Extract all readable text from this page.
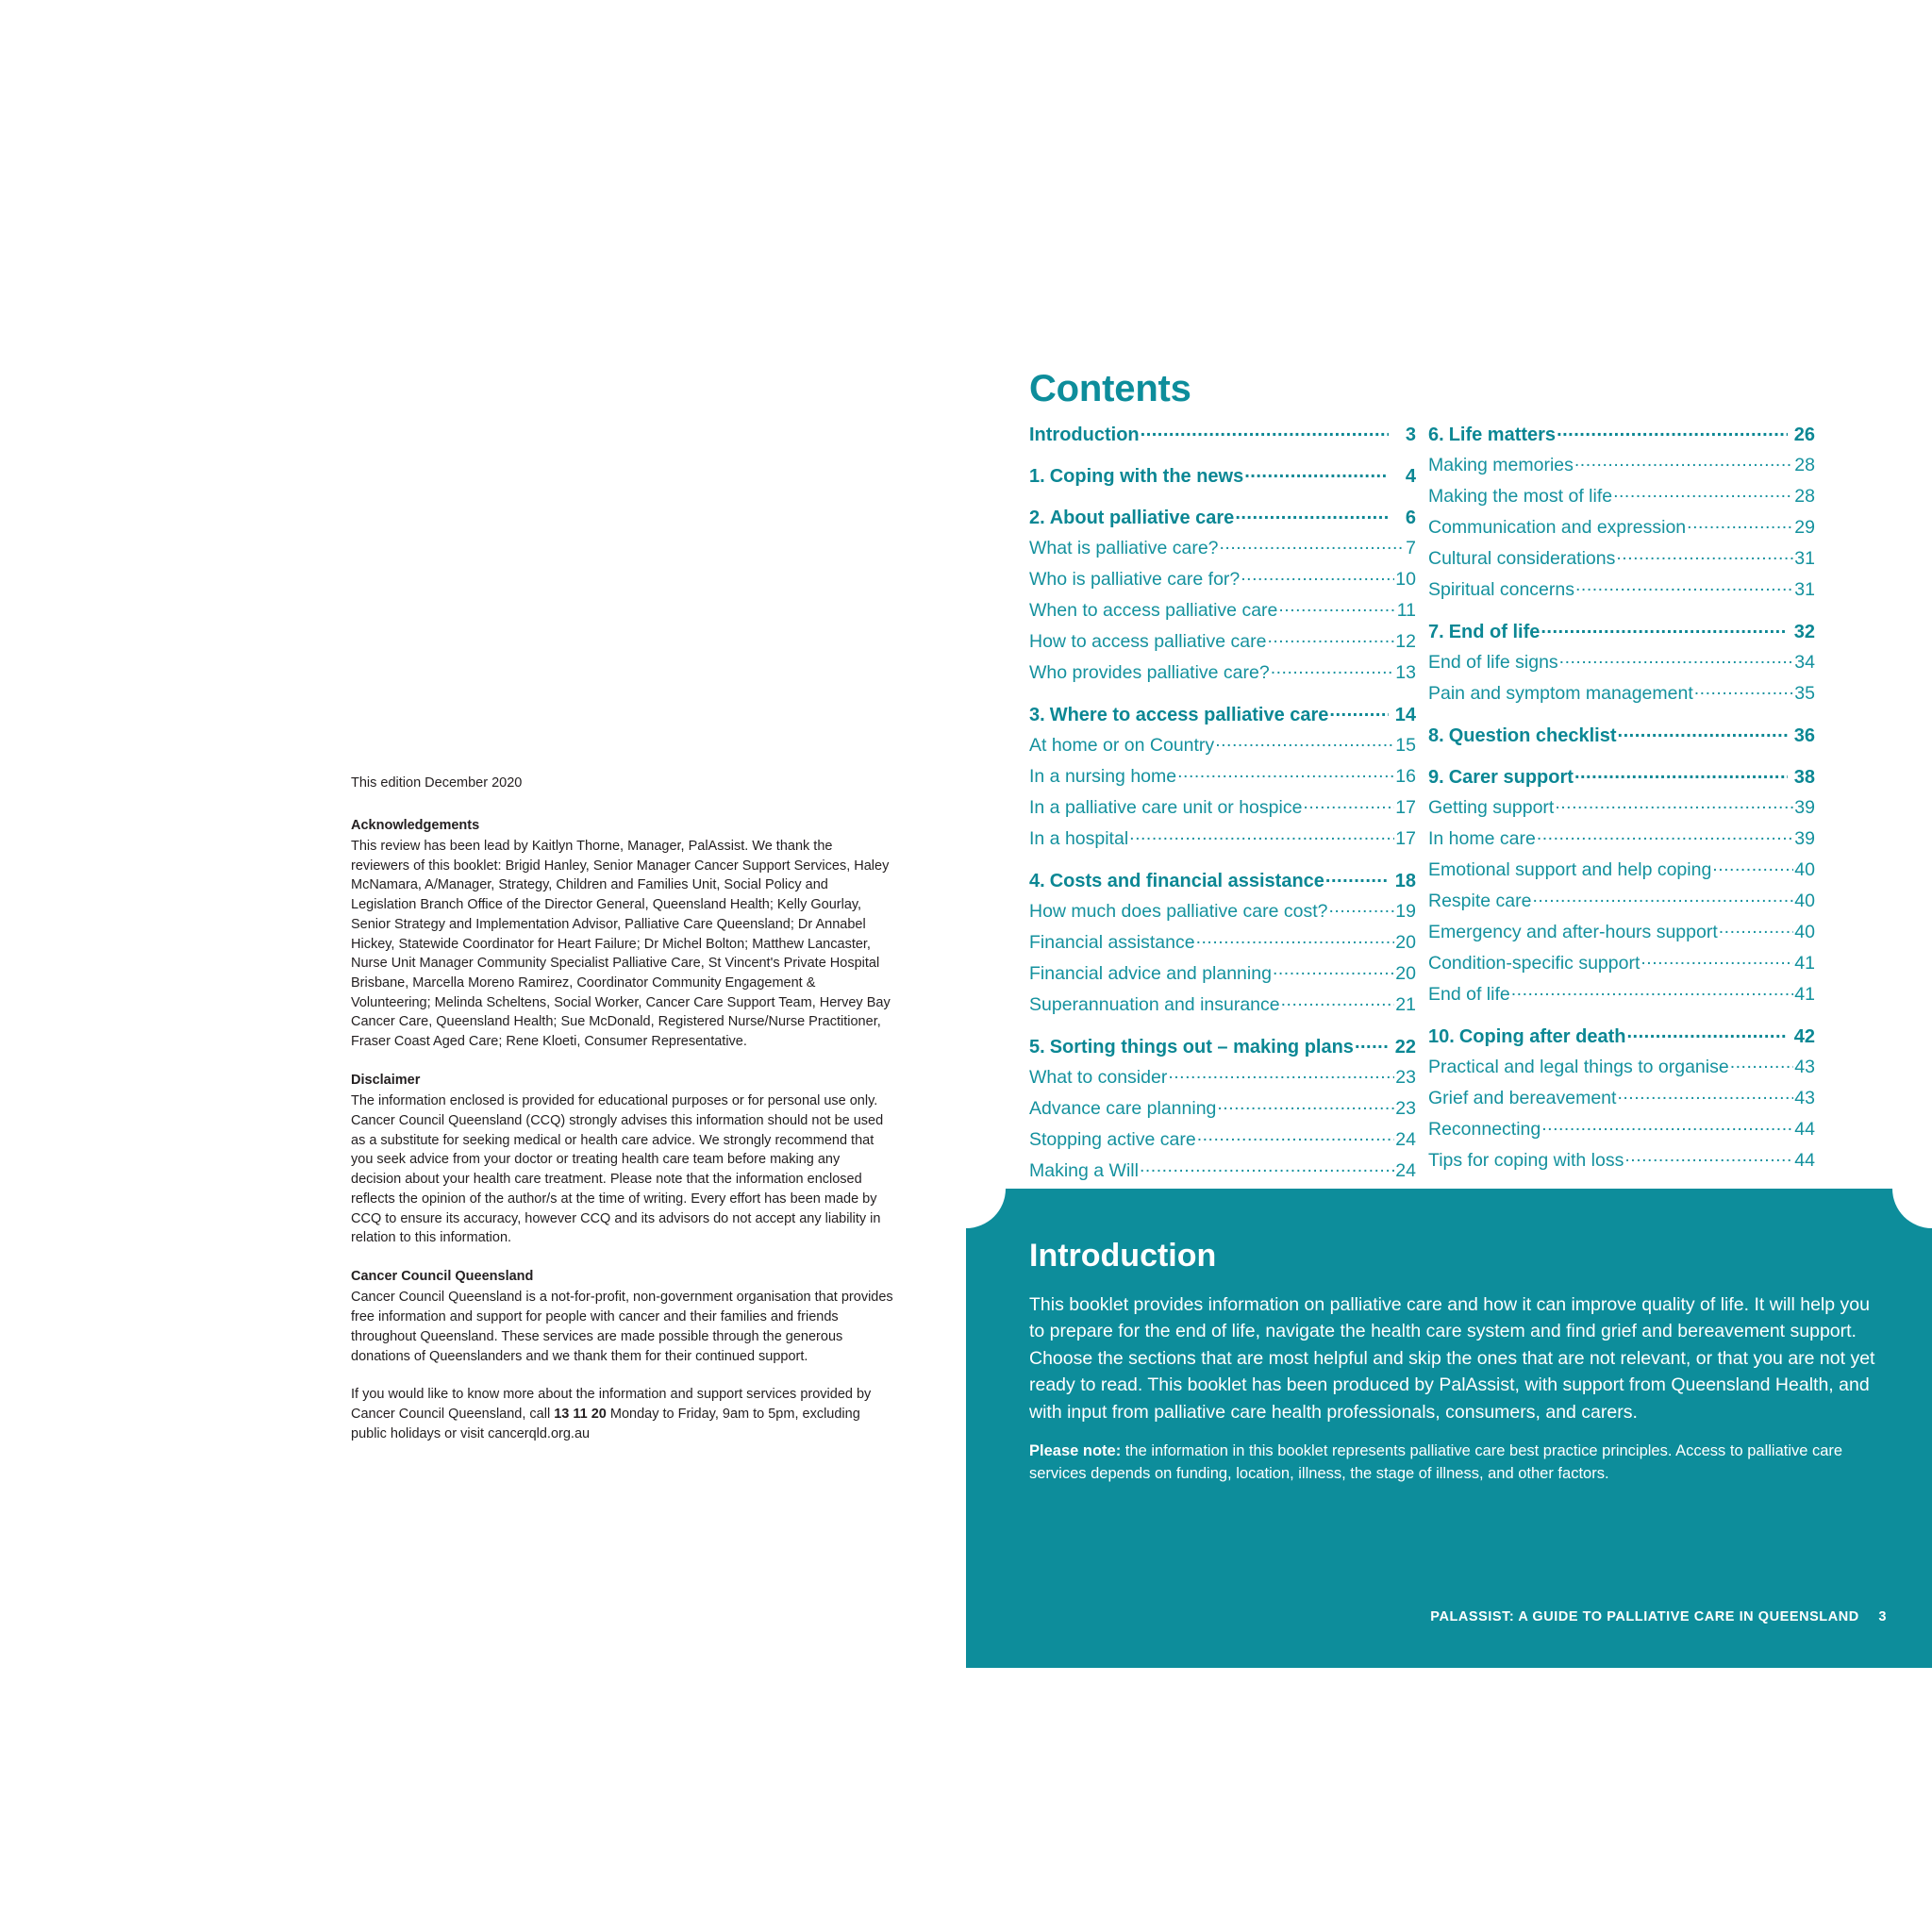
This edition December 2020
Acknowledgements

This review has been lead by Kaitlyn Thorne, Manager, PalAssist. We thank the reviewers of this booklet: Brigid Hanley, Senior Manager Cancer Support Services, Haley McNamara, A/Manager, Strategy, Children and Families Unit, Social Policy and Legislation Branch Office of the Director General, Queensland Health; Kelly Gourlay, Senior Strategy and Implementation Advisor, Palliative Care Queensland; Dr Annabel Hickey, Statewide Coordinator for Heart Failure; Dr Michel Bolton; Matthew Lancaster, Nurse Unit Manager Community Specialist Palliative Care, St Vincent's Private Hospital Brisbane, Marcella Moreno Ramirez, Coordinator Community Engagement & Volunteering; Melinda Scheltens, Social Worker, Cancer Care Support Team, Hervey Bay Cancer Care, Queensland Health; Sue McDonald, Registered Nurse/Nurse Practitioner, Fraser Coast Aged Care; Rene Kloeti, Consumer Representative.

Disclaimer

The information enclosed is provided for educational purposes or for personal use only. Cancer Council Queensland (CCQ) strongly advises this information should not be used as a substitute for seeking medical or health care advice. We strongly recommend that you seek advice from your doctor or treating health care team before making any decision about your health care treatment. Please note that the information enclosed reflects the opinion of the author/s at the time of writing. Every effort has been made by CCQ to ensure its accuracy, however CCQ and its advisors do not accept any liability in relation to this information.

Cancer Council Queensland

Cancer Council Queensland is a not-for-profit, non-government organisation that provides free information and support for people with cancer and their families and friends throughout Queensland. These services are made possible through the generous donations of Queenslanders and we thank them for their continued support.

If you would like to know more about the information and support services provided by Cancer Council Queensland, call 13 11 20 Monday to Friday, 9am to 5pm, excluding public holidays or visit cancerqld.org.au

Contents
Introduction .....	3
1. Coping with the news .....	4
2. About palliative care .....	6
What is palliative care? .....	7
Who is palliative care for? .....	10
When to access palliative care .....	11
How to access palliative care .....	12
Who provides palliative care? .....	13
3. Where to access palliative care .....	14
At home or on Country .....	15
In a nursing home .....	16
In a palliative care unit or hospice .....	17
In a hospital .....	17
4. Costs and financial assistance .....	18
How much does palliative care cost? .....	19
Financial assistance .....	20
Financial advice and planning .....	20
Superannuation and insurance .....	21
5. Sorting things out – making plans ..... 22
What to consider .....	23
Advance care planning .....	23
Stopping active care .....	24
Making a Will .....	24
.....
.....
6. Life matters .....	26
Making memories .....	28
Making the most of life .....	28
Communication and expression .....	29
Cultural considerations .....	31
Spiritual concerns .....	31
7. End of life .....	32
End of life signs .....	34
Pain and symptom management .....	35
8. Question checklist .....	36
9. Carer support .....	38
Getting support .....	39
In home care .....	39
Emotional support and help coping .....	40
Respite care .....	40
Emergency and after-hours support .....	40
Condition-specific support .....	41
End of life .....	41
10. Coping after death .....	42
Practical and legal things to organise .....	43
Grief and bereavement .....	43
Reconnecting .....	44
Tips for coping with loss .....	44
.....
.....
Introduction

This booklet provides information on palliative care and how it can improve quality of life. It will help you to prepare for the end of life, navigate the health care system and find grief and bereavement support. Choose the sections that are most helpful and skip the ones that are not relevant, or that you are not yet ready to read. This booklet has been produced by PalAssist, with support from Queensland Health, and with input from palliative care health professionals, consumers, and carers.

Please note: the information in this booklet represents palliative care best practice principles. Access to palliative care services depends on funding, location, illness, the stage of illness, and other factors.

PALASSIST: A GUIDE TO PALLIATIVE CARE IN QUEENSLAND 3
